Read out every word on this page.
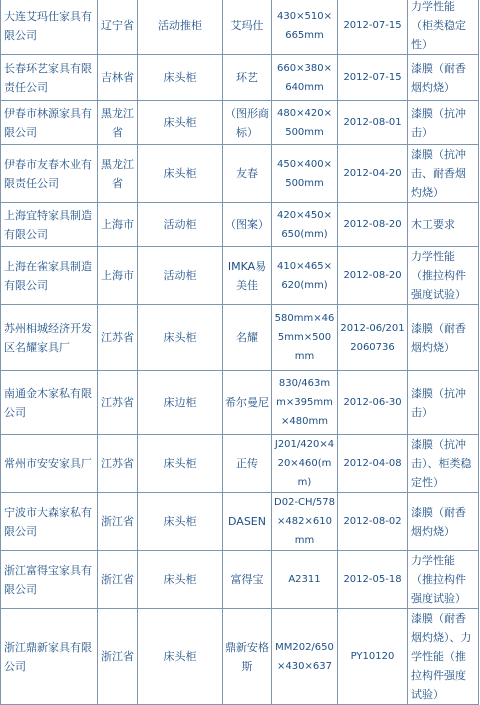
大连艾玛仕家具有限公司	辽宁省	活动推柜	艾玛仕	430×510×665mm	2012-07-15	力学性能（柜类稳定性）
长春环艺家具有限责任公司	吉林省	床头柜	环艺	660×380×640mm	2012-07-15	漆膜（耐香烟灼烧）
伊春市林源家具有限公司	黑龙江省	床头柜	（图形商标）	480×420×500mm	2012-08-01	漆膜（抗冲击）
伊春市友春木业有限责任公司	黑龙江省	床头柜	友春	450×400×500mm	2012-04-20	漆膜（抗冲击、耐香烟灼烧）
上海宜特家具制造有限公司	上海市	活动柜	（图案）	420×450×650(mm)	2012-08-20	木工要求
上海在雀家具制造有限公司	上海市	活动柜	IMKA易美佳	410×465×620(mm)	2012-08-20	力学性能（推拉构件强度试验）
苏州相城经济开发区名耀家具厂	江苏省	床头柜	名耀	580mm×465mm×500mm	2012-06/2012060736	漆膜（耐香烟灼烧）
南通金木家私有限公司	江苏省	床边柜	希尔曼尼	830/463mm×395mm×480mm	2012-06-30	漆膜（抗冲击）
常州市安安家具厂	江苏省	床头柜	正传	J201/420×420×460(mm)	2012-04-08	漆膜（抗冲击）、柜类稳定性）
宁波市大森家私有限公司	浙江省	床头柜	DASEN	D02-CH/578×482×610mm	2012-08-02	漆膜（耐香烟灼烧）
浙江富得宝家具有限公司	浙江省	床头柜	富得宝	A2311	2012-05-18	力学性能（推拉构件强度试验）
浙江鼎新家具有限公司	浙江省	床头柜	鼎新安格斯	MM202/650×430×637	PY10120	漆膜（耐香烟灼烧）、力学性能（推拉构件强度试验）
